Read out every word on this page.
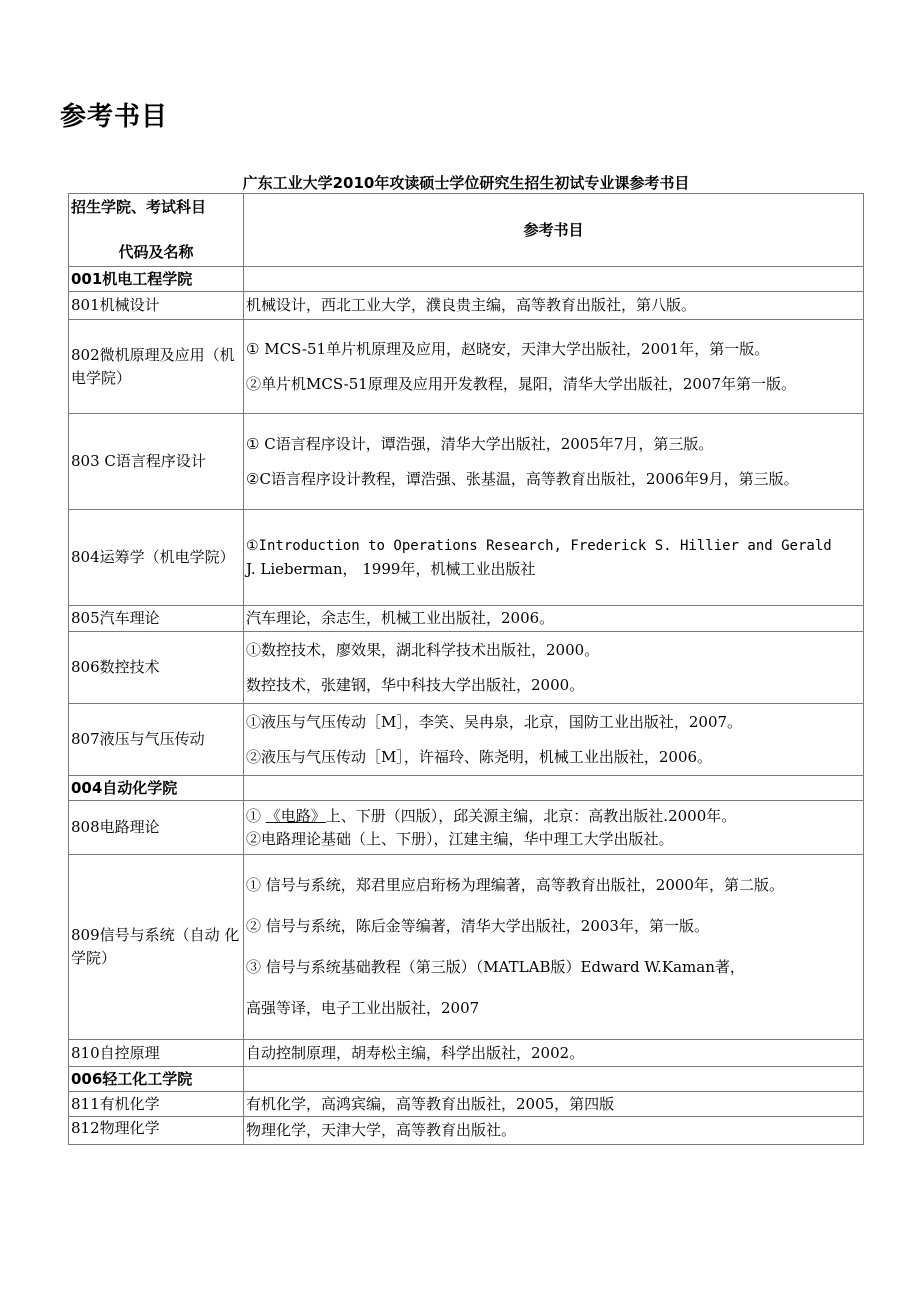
参考书目

广东工业大学2010年攻读硕士学位研究生招生初试专业课参考书目

招生学院、考试科目
代码及名称	参考书目
001机电工程学院	
801机械设计	机械设计，西北工业大学，濮良贵主编，高等教育出版社，第八版。
802微机原理及应用（机电学院）	① MCS-51单片机原理及应用，赵晓安，天津大学出版社，2001年，第一版。
②单片机MCS-51原理及应用开发教程，晁阳，清华大学出版社，2007年第一版。

803 C语言程序设计	① C语言程序设计，谭浩强，清华大学出版社，2005年7月，第三版。
②C语言程序设计教程，谭浩强、张基温，高等教育出版社，2006年9月，第三版。

804运筹学（机电学院）	①Introduction to Operations Research, Frederick S. Hillier and Gerald
J. Lieberman， 1999年，机械工业出版社

805汽车理论	汽车理论，余志生，机械工业出版社，2006。
806数控技术	①数控技术，廖效果，湖北科学技术出版社，2000。
数控技术，张建钢，华中科技大学出版社，2000。

807液压与气压传动	①液压与气压传动［M］，李笑、吴冉泉，北京，国防工业出版社，2007。
②液压与气压传动［M］，许福玲、陈尧明，机械工业出版社，2006。

004自动化学院	
808电路理论	① 《电路》上、下册（四版），邱关源主编，北京：高教出版社.2000年。
②电路理论基础（上、下册），江建主编，华中理工大学出版社。

809信号与系统（自动 化学院）	① 信号与系统，郑君里应启珩杨为理编著，高等教育出版社，2000年，第二版。
② 信号与系统，陈后金等编著，清华大学出版社，2003年，第一版。
③ 信号与系统基础教程（第三版）（MATLAB版）Edward W.Kaman著，
高强等译，电子工业出版社，2007

810自控原理	自动控制原理，胡寿松主编，科学出版社，2002。
006轻工化工学院	
811有机化学	有机化学，高鸿宾编，高等教育出版社，2005，第四版
812物理化学	物理化学，天津大学，高等教育出版社。
